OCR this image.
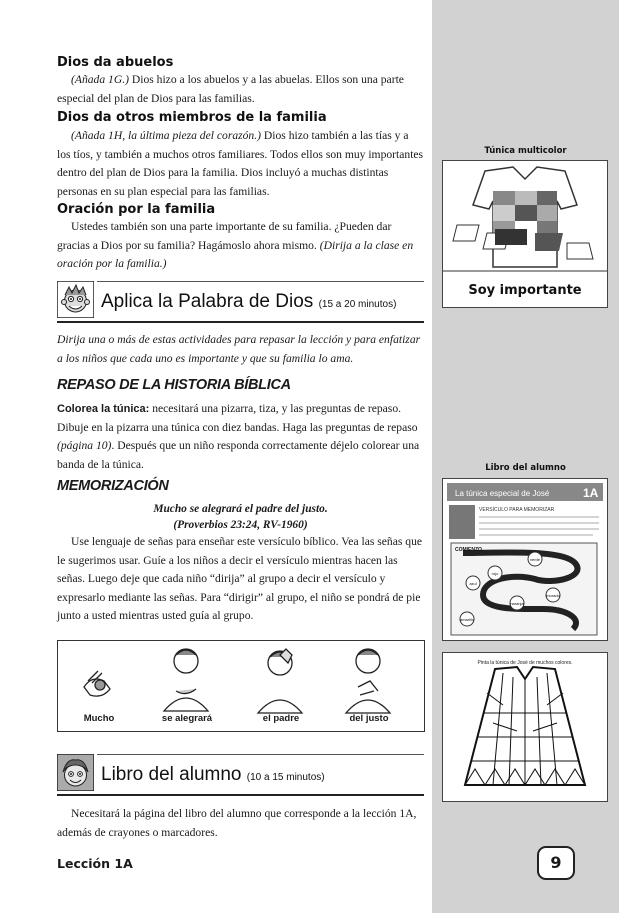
Túnica multicolor
Soy importante
Libro del alumno
La túnica especial de José	1A
VERSÍCULO PARA MEMORIZAR
COMIENZO
verde
rojo
azul
morado
naranja
amarillo
Pinta la túnica de José de muchos colores.
9
Dios da abuelos

(Añada 1G.) Dios hizo a los abuelos y a las abuelas. Ellos son una parte especial del plan de Dios para las familias.

Dios da otros miembros de la familia

(Añada 1H, la última pieza del corazón.) Dios hizo también a las tías y a los tíos, y también a muchos otros familiares. Todos ellos son muy importantes dentro del plan de Dios para la familia. Dios incluyó a muchas distintas personas en su plan especial para las familias.

Oración por la familia

Ustedes también son una parte importante de su familia. ¿Pueden dar gracias a Dios por su familia? Hagámoslo ahora mismo. (Dirija a la clase en oración por la familia.)

Aplica la Palabra de Dios (15 a 20 minutos)

Dirija una o más de estas actividades para repasar la lección y para enfatizar a los niños que cada uno es importante y que su familia lo ama.

REPASO DE LA HISTORIA BÍBLICA

Colorea la túnica: necesitará una pizarra, tiza, y las preguntas de repaso. Dibuje en la pizarra una túnica con diez bandas. Haga las preguntas de repaso (página 10). Después que un niño responda correctamente déjelo colorear una banda de la túnica.

MEMORIZACIÓN
Mucho se alegrará el padre del justo.
(Proverbios 23:24, RV-1960)

Use lenguaje de señas para enseñar este versículo bíblico. Vea las señas que le sugerimos usar. Guíe a los niños a decir el versículo mientras hacen las señas. Luego deje que cada niño “dirija” al grupo a decir el versículo y expresarlo mediante las señas. Para “dirigir” al grupo, el niño se pondrá de pie junto a usted mientras usted guía al grupo.

Mucho	se alegrará	el padre	del justo
Libro del alumno (10 a 15 minutos)

Necesitará la página del libro del alumno que corresponde a la lección 1A, además de crayones o marcadores.

Lección 1A
